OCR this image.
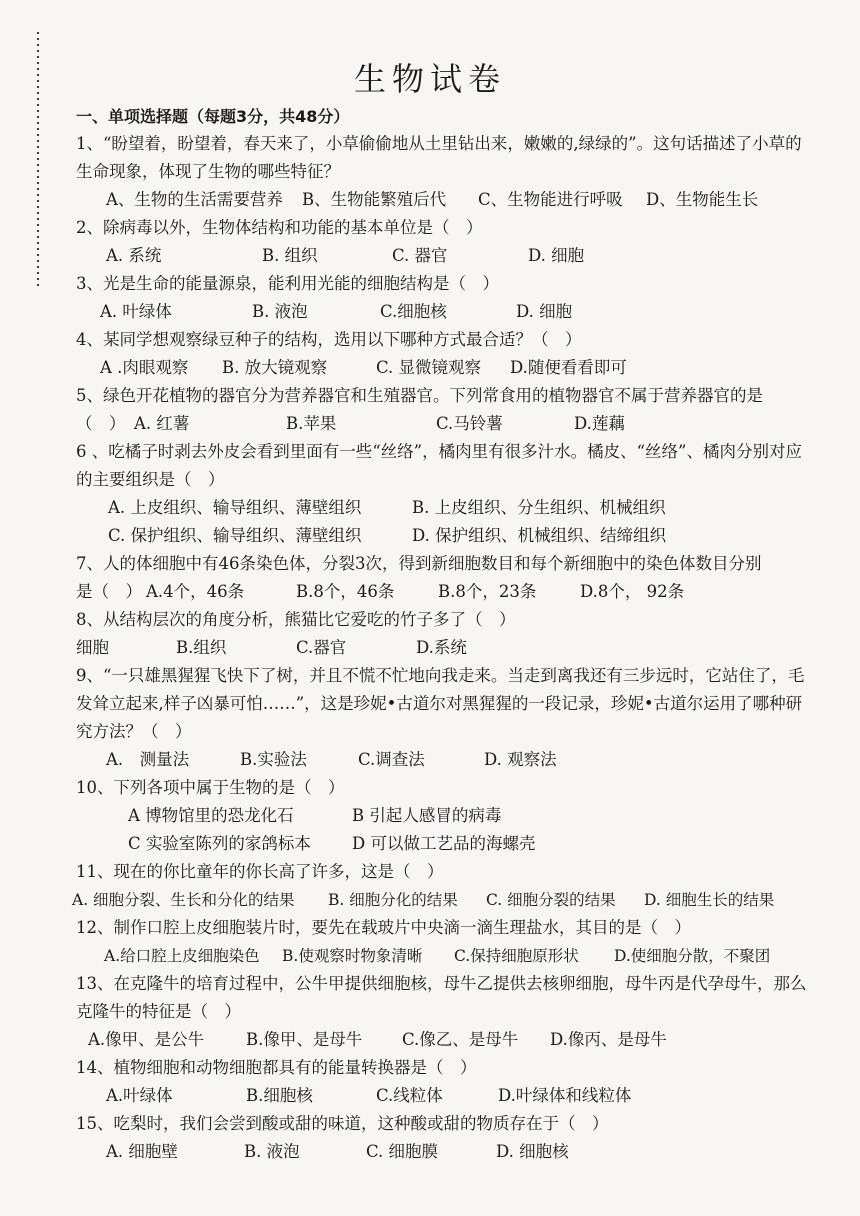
生物试卷
一、单项选择题（每题3分，共48分）
1、“盼望着，盼望着，春天来了，小草偷偷地从土里钻出来，嫩嫩的,绿绿的”。这句话描述了小草的生命现象，体现了生物的哪些特征？
A、生物的生活需要营养	B、生物能繁殖后代	C、生物能进行呼吸	D、生物能生长
2、除病毒以外，生物体结构和功能的基本单位是（　）
A. 系统	B. 组织	C. 器官	D. 细胞
3、光是生命的能量源泉，能利用光能的细胞结构是（　）
A. 叶绿体	B. 液泡	C.细胞核	D. 细胞
4、某同学想观察绿豆种子的结构，选用以下哪种方式最合适？（　）
A .肉眼观察	B. 放大镜观察	C. 显微镜观察	D.随便看看即可
5、绿色开花植物的器官分为营养器官和生殖器官。下列常食用的植物器官不属于营养器官的是
（　） A. 红薯	B.苹果	C.马铃薯	D.莲藕
6 、吃橘子时剥去外皮会看到里面有一些“丝络”，橘肉里有很多汁水。橘皮、“丝络”、橘肉分别对应的主要组织是（　）
A. 上皮组织、输导组织、薄壁组织	B. 上皮组织、分生组织、机械组织
C. 保护组织、输导组织、薄壁组织	D. 保护组织、机械组织、结缔组织
7、人的体细胞中有46条染色体，分裂3次，得到新细胞数目和每个新细胞中的染色体数目分别
是（　） A.4个，46条	B.8个，46条	B.8个，23条	D.8个， 92条
8、从结构层次的角度分析，熊猫比它爱吃的竹子多了（　）
细胞	B.组织	C.器官	D.系统
9、“一只雄黑猩猩飞快下了树，并且不慌不忙地向我走来。当走到离我还有三步远时，它站住了，毛发耸立起来,样子凶暴可怕……”，这是珍妮•古道尔对黑猩猩的一段记录，珍妮•古道尔运用了哪种研究方法？（　）
A.　测量法	B.实验法	C.调查法	D. 观察法
10、下列各项中属于生物的是（　）
A 博物馆里的恐龙化石	B 引起人感冒的病毒
C 实验室陈列的家鸽标本	D 可以做工艺品的海螺壳
11、现在的你比童年的你长高了许多，这是（　）
A. 细胞分裂、生长和分化的结果	B. 细胞分化的结果	C. 细胞分裂的结果	D. 细胞生长的结果
12、制作口腔上皮细胞装片时，要先在载玻片中央滴一滴生理盐水，其目的是（　）
A.给口腔上皮细胞染色	B.使观察时物象清晰	C.保持细胞原形状	D.使细胞分散，不聚团
13、在克隆牛的培育过程中，公牛甲提供细胞核，母牛乙提供去核卵细胞，母牛丙是代孕母牛，那么克隆牛的特征是（　）
A.像甲、是公牛	B.像甲、是母牛	C.像乙、是母牛	D.像丙、是母牛
14、植物细胞和动物细胞都具有的能量转换器是（　）
A.叶绿体	B.细胞核	C.线粒体	D.叶绿体和线粒体
15、吃梨时，我们会尝到酸或甜的味道，这种酸或甜的物质存在于（　）
A. 细胞壁	B. 液泡	C. 细胞膜	D. 细胞核
